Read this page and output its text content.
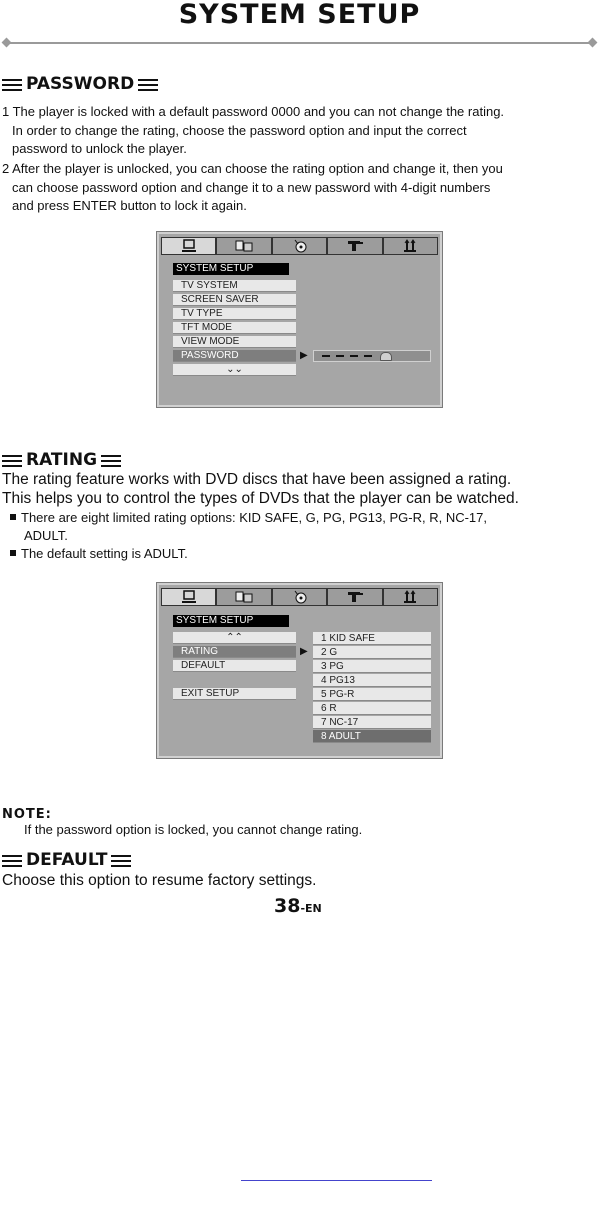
SYSTEM SETUP
PASSWORD
1 The player is locked with a default password 0000 and you can not change the rating.
In order to change the rating, choose the password option and input the correct
password to unlock the player.
2 After the player is unlocked, you can choose the rating option and change it, then you
can choose password option and change it to a new password with 4-digit numbers
and press ENTER button to lock it again.
SYSTEM SETUP
TV SYSTEM
SCREEN SAVER
TV TYPE
TFT MODE
VIEW MODE
PASSWORD
⌄⌄
▶
RATING
The rating feature works with DVD discs that have been assigned a rating.
This helps you to control the types of DVDs that the player can be watched.
There are eight limited rating options: KID SAFE, G, PG, PG13, PG-R, R, NC-17,
ADULT.
The default setting is ADULT.
SYSTEM SETUP
⌃⌃
RATING
DEFAULT
EXIT SETUP
▶
1 KID SAFE
2 G
3 PG
4 PG13
5 PG-R
6 R
7 NC-17
8 ADULT
NOTE:
If the password option is locked, you cannot change rating.
DEFAULT
Choose this option to resume factory settings.
38-EN
